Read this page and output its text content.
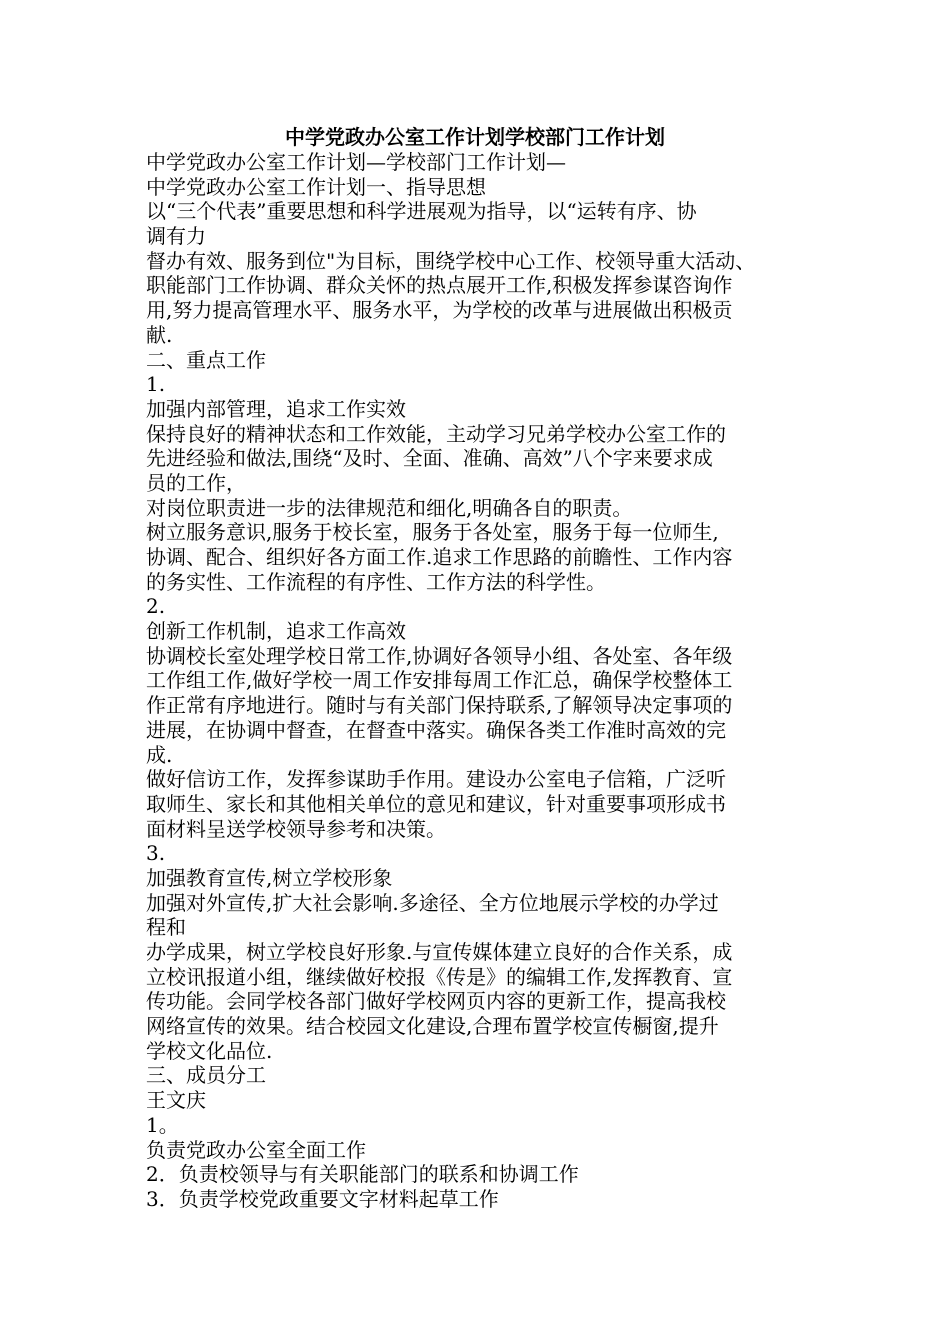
中学党政办公室工作计划学校部门工作计划
中学党政办公室工作计划—学校部门工作计划—
中学党政办公室工作计划一、指导思想
以“三个代表”重要思想和科学进展观为指导，以“运转有序、协
调有力
督办有效、服务到位"为目标，围绕学校中心工作、校领导重大活动、
职能部门工作协调、群众关怀的热点展开工作,积极发挥参谋咨询作
用,努力提高管理水平、服务水平，为学校的改革与进展做出积极贡
献.
二、重点工作
1.
加强内部管理，追求工作实效
保持良好的精神状态和工作效能，主动学习兄弟学校办公室工作的
先进经验和做法,围绕“及时、全面、准确、高效”八个字来要求成
员的工作，
对岗位职责进一步的法律规范和细化,明确各自的职责。
树立服务意识,服务于校长室，服务于各处室，服务于每一位师生,
协调、配合、组织好各方面工作.追求工作思路的前瞻性、工作内容
的务实性、工作流程的有序性、工作方法的科学性。
2.
创新工作机制，追求工作高效
协调校长室处理学校日常工作,协调好各领导小组、各处室、各年级
工作组工作,做好学校一周工作安排每周工作汇总，确保学校整体工
作正常有序地进行。随时与有关部门保持联系,了解领导决定事项的
进展，在协调中督查，在督查中落实。确保各类工作准时高效的完
成.
做好信访工作，发挥参谋助手作用。建设办公室电子信箱，广泛听
取师生、家长和其他相关单位的意见和建议，针对重要事项形成书
面材料呈送学校领导参考和决策。
3.
加强教育宣传,树立学校形象
加强对外宣传,扩大社会影响.多途径、全方位地展示学校的办学过
程和
办学成果，树立学校良好形象.与宣传媒体建立良好的合作关系，成
立校讯报道小组，继续做好校报《传是》的编辑工作,发挥教育、宣
传功能。会同学校各部门做好学校网页内容的更新工作，提高我校
网络宣传的效果。结合校园文化建设,合理布置学校宣传橱窗,提升
学校文化品位.
三、成员分工
王文庆
1。
负责党政办公室全面工作
2．负责校领导与有关职能部门的联系和协调工作
3．负责学校党政重要文字材料起草工作
